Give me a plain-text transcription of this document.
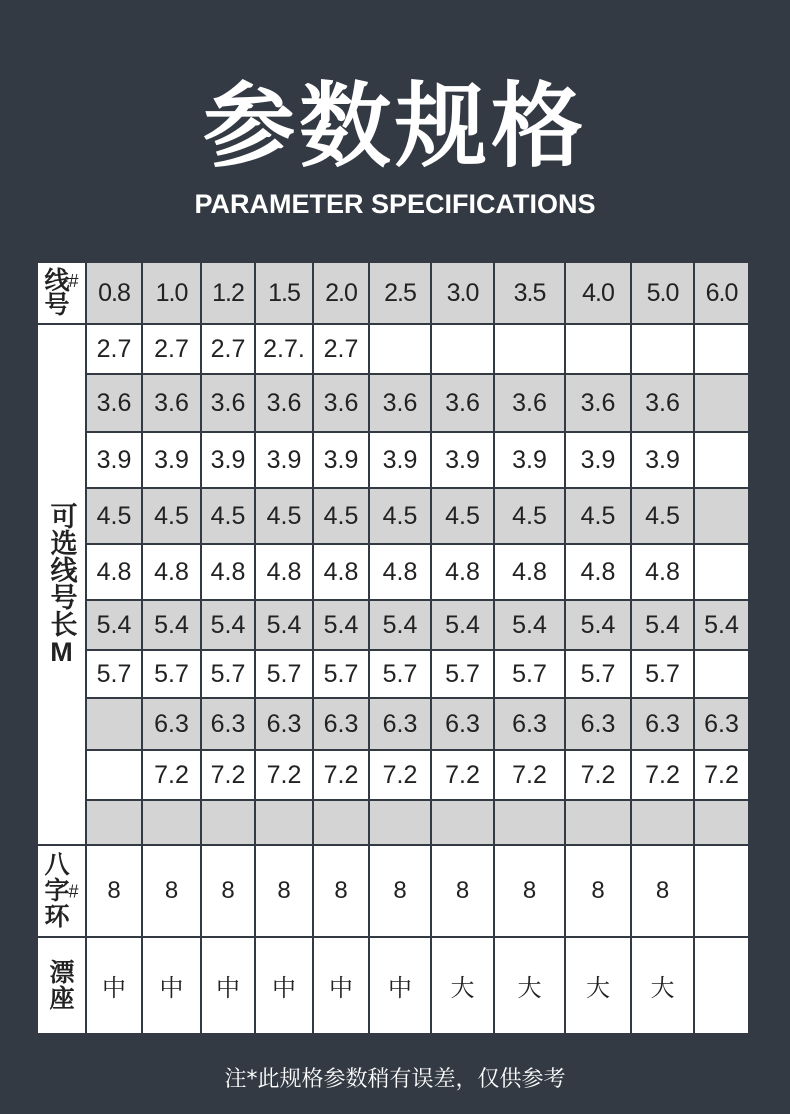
参数规格
PARAMETER SPECIFICATIONS
线号#	0.8	1.0	1.2	1.5	2.0	2.5	3.0	3.5	4.0	5.0	6.0
可选线号长M	2.7	2.7	2.7	2.7.	2.7						
	3.6	3.6	3.6	3.6	3.6	3.6	3.6	3.6	3.6	3.6	
	3.9	3.9	3.9	3.9	3.9	3.9	3.9	3.9	3.9	3.9	
	4.5	4.5	4.5	4.5	4.5	4.5	4.5	4.5	4.5	4.5	
	4.8	4.8	4.8	4.8	4.8	4.8	4.8	4.8	4.8	4.8	
	5.4	5.4	5.4	5.4	5.4	5.4	5.4	5.4	5.4	5.4	5.4
	5.7	5.7	5.7	5.7	5.7	5.7	5.7	5.7	5.7	5.7	
		6.3	6.3	6.3	6.3	6.3	6.3	6.3	6.3	6.3	6.3
		7.2	7.2	7.2	7.2	7.2	7.2	7.2	7.2	7.2	7.2

八字环#	8	8	8	8	8	8	8	8	8	8	
漂座	中	中	中	中	中	中	大	大	大	大	
注*此规格参数稍有误差，仅供参考
